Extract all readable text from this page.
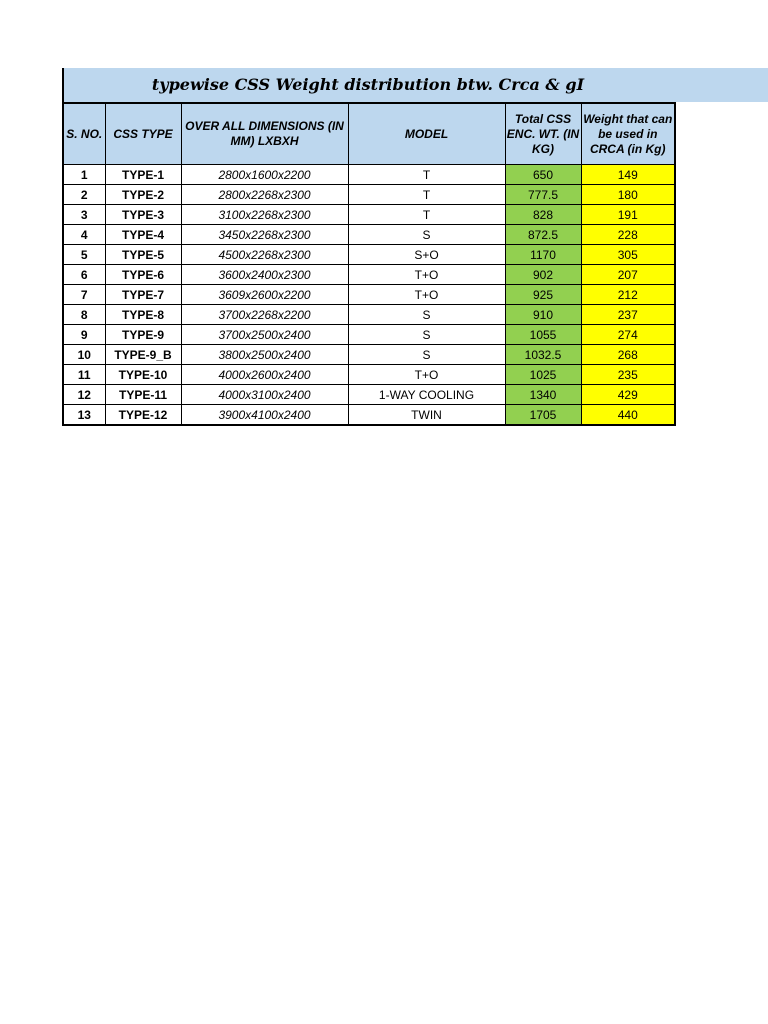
typewise CSS Weight distribution btw. Crca & gI
S. NO.	CSS TYPE	OVER ALL DIMENSIONS (IN MM) LXBXH	MODEL	Total CSS ENC. WT. (IN KG)	Weight that can be used in CRCA (in Kg)
1	TYPE-1	2800x1600x2200	T	650	149
2	TYPE-2	2800x2268x2300	T	777.5	180
3	TYPE-3	3100x2268x2300	T	828	191
4	TYPE-4	3450x2268x2300	S	872.5	228
5	TYPE-5	4500x2268x2300	S+O	1170	305
6	TYPE-6	3600x2400x2300	T+O	902	207
7	TYPE-7	3609x2600x2200	T+O	925	212
8	TYPE-8	3700x2268x2200	S	910	237
9	TYPE-9	3700x2500x2400	S	1055	274
10	TYPE-9_B	3800x2500x2400	S	1032.5	268
11	TYPE-10	4000x2600x2400	T+O	1025	235
12	TYPE-11	4000x3100x2400	1-WAY COOLING	1340	429
13	TYPE-12	3900x4100x2400	TWIN	1705	440
